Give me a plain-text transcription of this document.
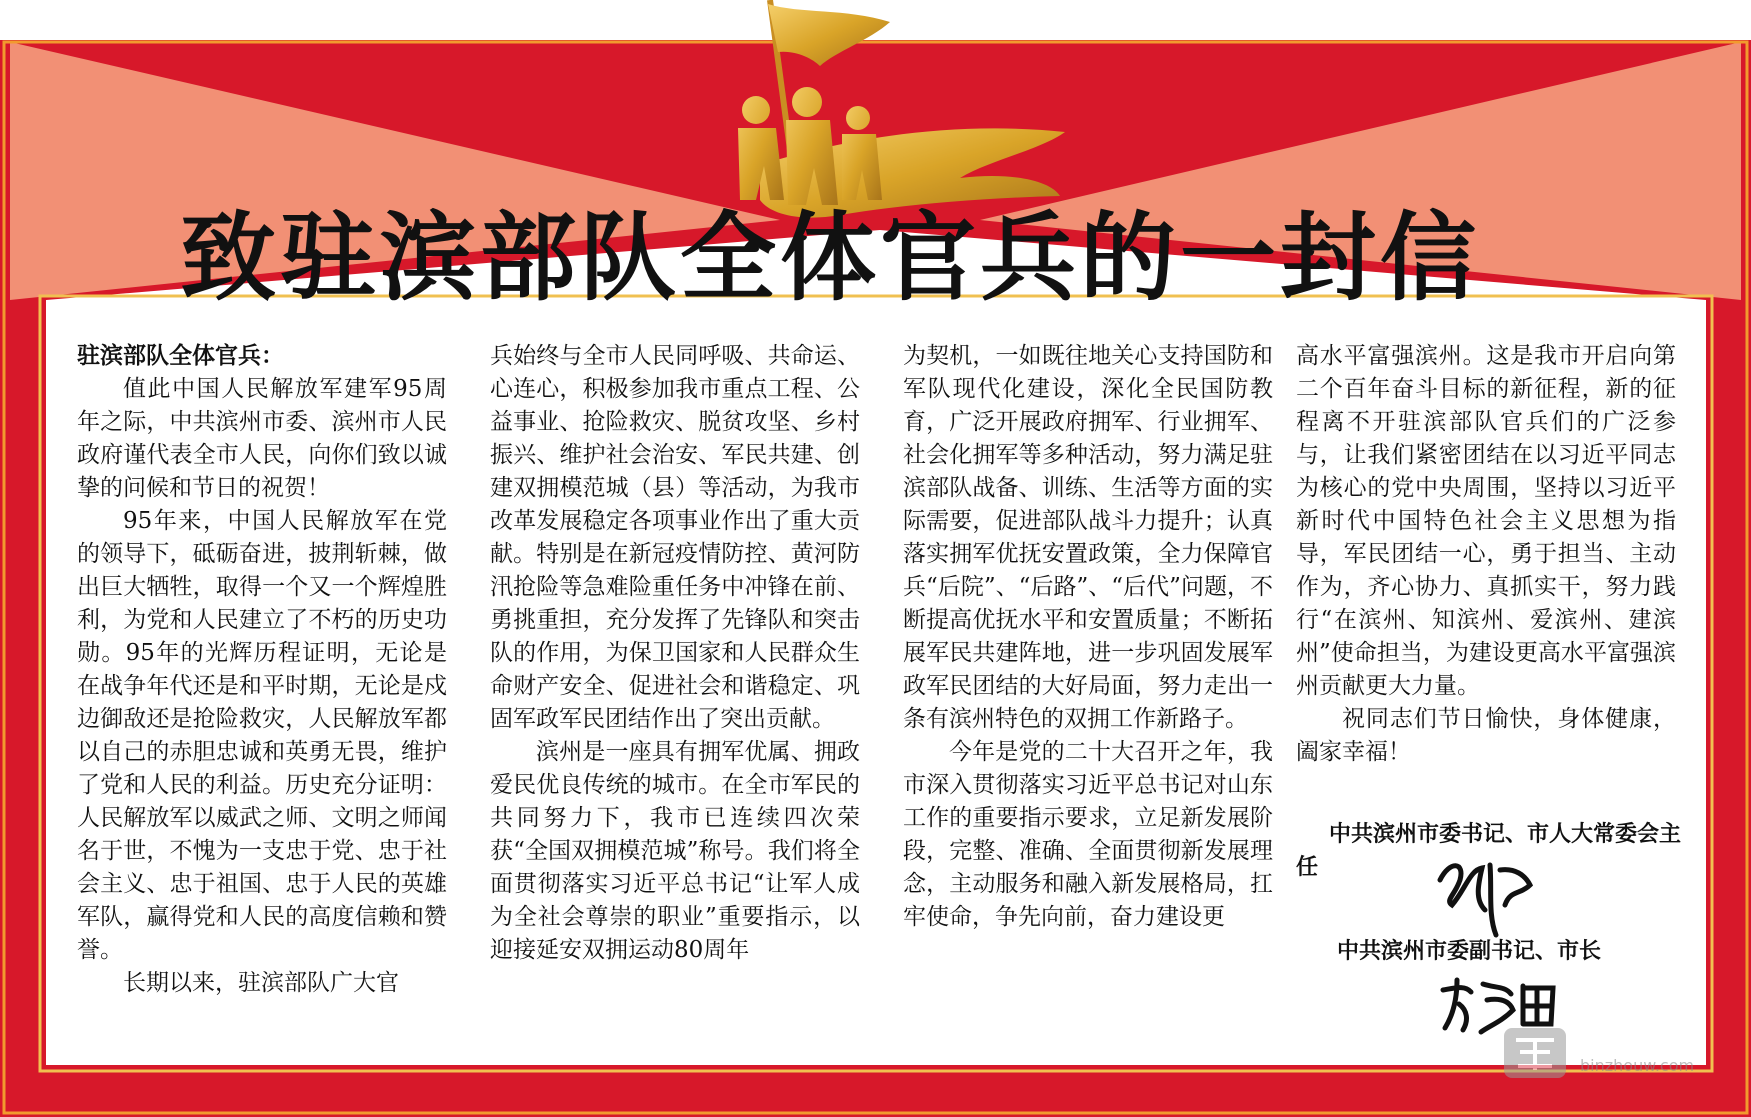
致驻滨部队全体官兵的一封信

驻滨部队全体官兵：

值此中国人民解放军建军95周年之际，中共滨州市委、滨州市人民政府谨代表全市人民，向你们致以诚挚的问候和节日的祝贺！

95年来，中国人民解放军在党的领导下，砥砺奋进，披荆斩棘，做出巨大牺牲，取得一个又一个辉煌胜利，为党和人民建立了不朽的历史功勋。95年的光辉历程证明，无论是在战争年代还是和平时期，无论是戍边御敌还是抢险救灾，人民解放军都以自己的赤胆忠诚和英勇无畏，维护了党和人民的利益。历史充分证明：人民解放军以威武之师、文明之师闻名于世，不愧为一支忠于党、忠于社会主义、忠于祖国、忠于人民的英雄军队，赢得党和人民的高度信赖和赞誉。

长期以来，驻滨部队广大官

兵始终与全市人民同呼吸、共命运、心连心，积极参加我市重点工程、公益事业、抢险救灾、脱贫攻坚、乡村振兴、维护社会治安、军民共建、创建双拥模范城（县）等活动，为我市改革发展稳定各项事业作出了重大贡献。特别是在新冠疫情防控、黄河防汛抢险等急难险重任务中冲锋在前、勇挑重担，充分发挥了先锋队和突击队的作用，为保卫国家和人民群众生命财产安全、促进社会和谐稳定、巩固军政军民团结作出了突出贡献。

滨州是一座具有拥军优属、拥政爱民优良传统的城市。在全市军民的共同努力下，我市已连续四次荣获“全国双拥模范城”称号。我们将全面贯彻落实习近平总书记“让军人成为全社会尊崇的职业”重要指示，以迎接延安双拥运动80周年

为契机，一如既往地关心支持国防和军队现代化建设，深化全民国防教育，广泛开展政府拥军、行业拥军、社会化拥军等多种活动，努力满足驻滨部队战备、训练、生活等方面的实际需要，促进部队战斗力提升；认真落实拥军优抚安置政策，全力保障官兵“后院”、“后路”、“后代”问题，不断提高优抚水平和安置质量；不断拓展军民共建阵地，进一步巩固发展军政军民团结的大好局面，努力走出一条有滨州特色的双拥工作新路子。

今年是党的二十大召开之年，我市深入贯彻落实习近平总书记对山东工作的重要指示要求，立足新发展阶段，完整、准确、全面贯彻新发展理念，主动服务和融入新发展格局，扛牢使命，争先向前，奋力建设更

高水平富强滨州。这是我市开启向第二个百年奋斗目标的新征程，新的征程离不开驻滨部队官兵们的广泛参与，让我们紧密团结在以习近平同志为核心的党中央周围，坚持以习近平新时代中国特色社会主义思想为指导，军民团结一心，勇于担当、主动作为，齐心协力、真抓实干，努力践行“在滨州、知滨州、爱滨州、建滨州”使命担当，为建设更高水平富强滨州贡献更大力量。

祝同志们节日愉快，身体健康，阖家幸福！

中共滨州市委书记、市人大常委会主任
中共滨州市委副书记、市长
binzhouw.com
